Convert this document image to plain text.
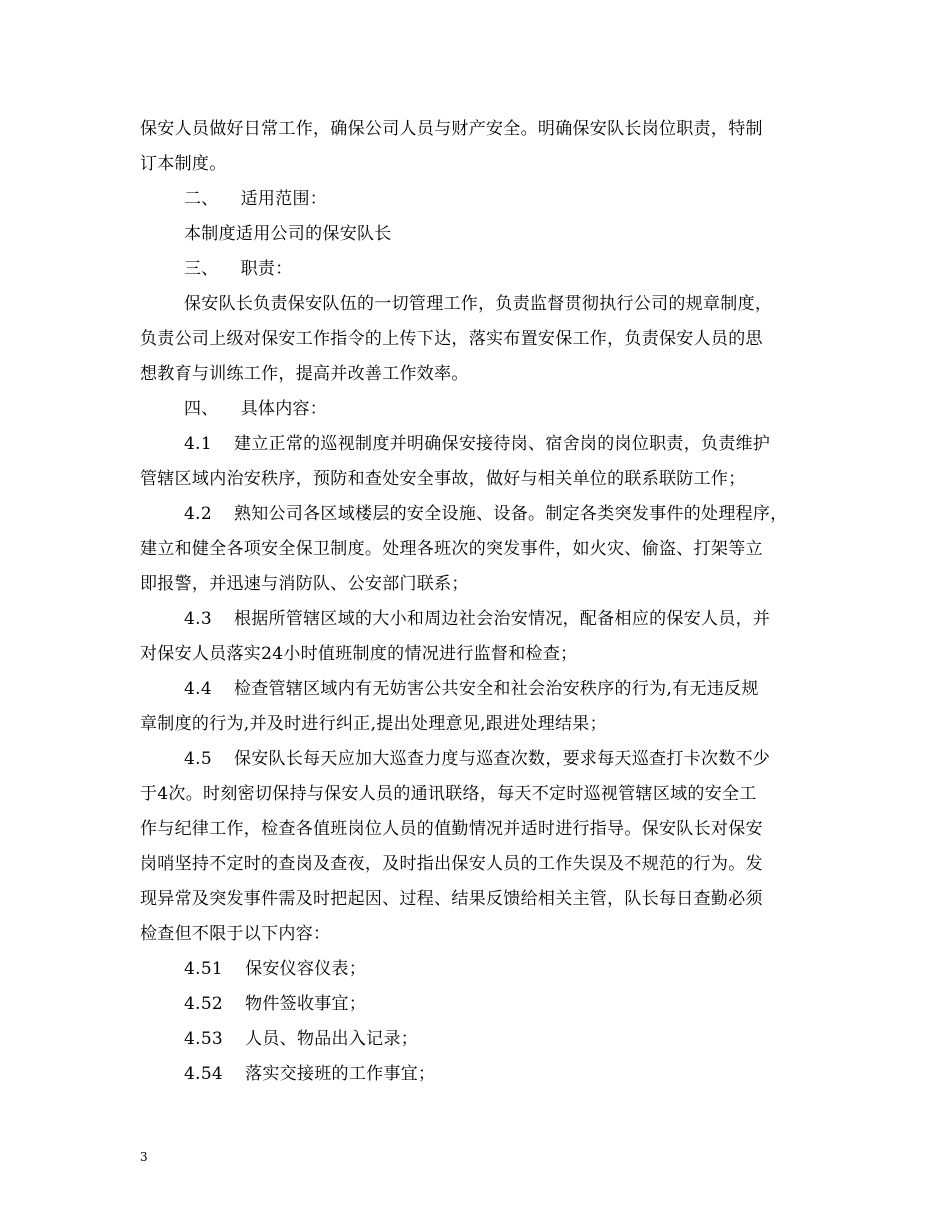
保安人员做好日常工作，确保公司人员与财产安全。明确保安队长岗位职责，特制
订本制度。
二、 适用范围：
本制度适用公司的保安队长
三、 职责：
保安队长负责保安队伍的一切管理工作，负责监督贯彻执行公司的规章制度，
负责公司上级对保安工作指令的上传下达，落实布置安保工作，负责保安人员的思
想教育与训练工作，提高并改善工作效率。
四、 具体内容：
4.1 建立正常的巡视制度并明确保安接待岗、宿舍岗的岗位职责，负责维护
管辖区域内治安秩序，预防和查处安全事故，做好与相关单位的联系联防工作；
4.2 熟知公司各区域楼层的安全设施、设备。制定各类突发事件的处理程序，
建立和健全各项安全保卫制度。处理各班次的突发事件，如火灾、偷盗、打架等立
即报警，并迅速与消防队、公安部门联系；
4.3 根据所管辖区域的大小和周边社会治安情况，配备相应的保安人员，并
对保安人员落实24小时值班制度的情况进行监督和检查；
4.4 检查管辖区域内有无妨害公共安全和社会治安秩序的行为,有无违反规
章制度的行为,并及时进行纠正,提出处理意见,跟进处理结果；
4.5 保安队长每天应加大巡查力度与巡查次数，要求每天巡查打卡次数不少
于4次。时刻密切保持与保安人员的通讯联络，每天不定时巡视管辖区域的安全工
作与纪律工作，检查各值班岗位人员的值勤情况并适时进行指导。保安队长对保安
岗哨坚持不定时的查岗及查夜，及时指出保安人员的工作失误及不规范的行为。发
现异常及突发事件需及时把起因、过程、结果反馈给相关主管，队长每日查勤必须
检查但不限于以下内容：
4.51 保安仪容仪表；
4.52 物件签收事宜；
4.53 人员、物品出入记录；
4.54 落实交接班的工作事宜；
3
